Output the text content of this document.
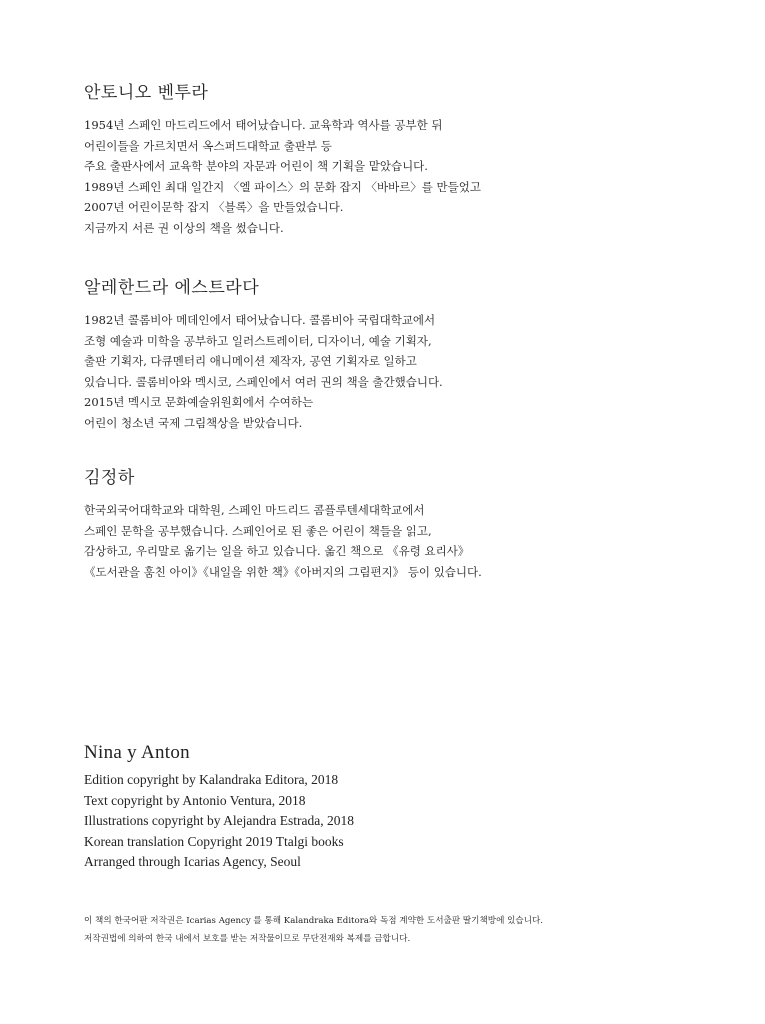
안토니오 벤투라

1954년 스페인 마드리드에서 태어났습니다. 교육학과 역사를 공부한 뒤

어린이들을 가르치면서 옥스퍼드대학교 출판부 등

주요 출판사에서 교육학 분야의 자문과 어린이 책 기획을 맡았습니다.

1989년 스페인 최대 일간지 〈엘 파이스〉의 문화 잡지 〈바바르〉를 만들었고

2007년 어린이문학 잡지 〈블록〉을 만들었습니다.

지금까지 서른 권 이상의 책을 썼습니다.

알레한드라 에스트라다

1982년 콜롬비아 메데인에서 태어났습니다. 콜롬비아 국립대학교에서

조형 예술과 미학을 공부하고 일러스트레이터, 디자이너, 예술 기획자,

출판 기획자, 다큐멘터리 애니메이션 제작자, 공연 기획자로 일하고

있습니다. 콜롬비아와 멕시코, 스페인에서 여러 권의 책을 출간했습니다.

2015년 멕시코 문화예술위원회에서 수여하는

어린이 청소년 국제 그림책상을 받았습니다.

김정하

한국외국어대학교와 대학원, 스페인 마드리드 콤플루텐세대학교에서

스페인 문학을 공부했습니다. 스페인어로 된 좋은 어린이 책들을 읽고,

감상하고, 우리말로 옮기는 일을 하고 있습니다. 옮긴 책으로 《유령 요리사》

《도서관을 훔친 아이》《내일을 위한 책》《아버지의 그림편지》 등이 있습니다.

Nina y Anton

Edition copyright by Kalandraka Editora, 2018

Text copyright by Antonio Ventura, 2018

Illustrations copyright by Alejandra Estrada, 2018

Korean translation Copyright 2019 Ttalgi books

Arranged through Icarias Agency, Seoul

이 책의 한국어판 저작권은 Icarias Agency 를 통해 Kalandraka Editora와 독점 계약한 도서출판 딸기책방에 있습니다.

저작권법에 의하여 한국 내에서 보호를 받는 저작물이므로 무단전재와 복제를 금합니다.
